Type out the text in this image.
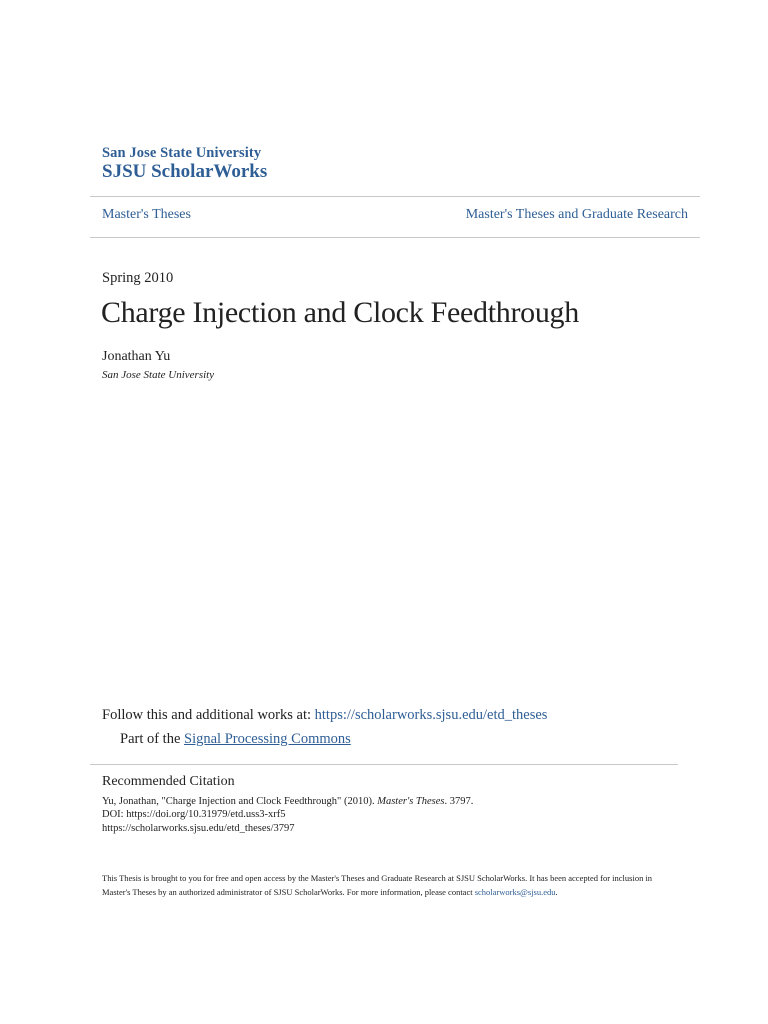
San Jose State University
SJSU ScholarWorks
Master's Theses	Master's Theses and Graduate Research
Spring 2010
Charge Injection and Clock Feedthrough
Jonathan Yu
San Jose State University
Follow this and additional works at: https://scholarworks.sjsu.edu/etd_theses
Part of the Signal Processing Commons
Recommended Citation
Yu, Jonathan, "Charge Injection and Clock Feedthrough" (2010). Master's Theses. 3797.
DOI: https://doi.org/10.31979/etd.uss3-xrf5
https://scholarworks.sjsu.edu/etd_theses/3797
This Thesis is brought to you for free and open access by the Master's Theses and Graduate Research at SJSU ScholarWorks. It has been accepted for inclusion in Master's Theses by an authorized administrator of SJSU ScholarWorks. For more information, please contact scholarworks@sjsu.edu.
